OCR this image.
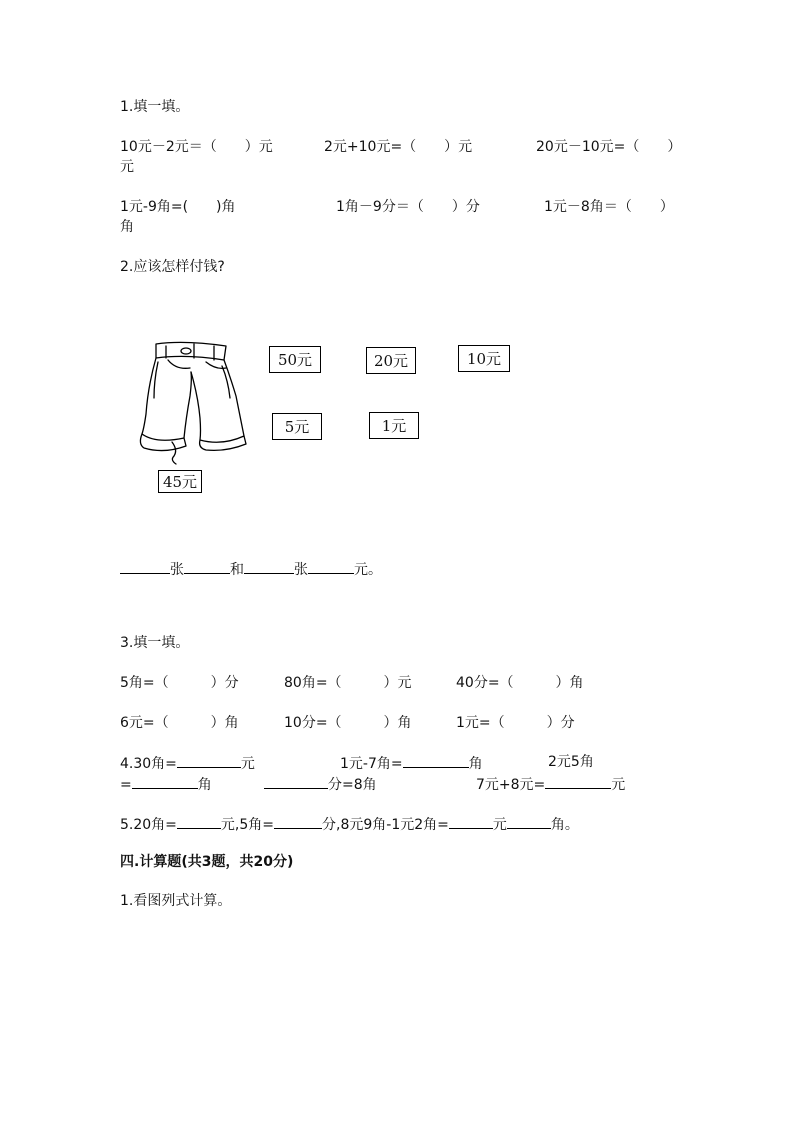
1.填一填。
10元－2元＝（　　）元	2元+10元=（　　）元	20元－10元=（　　）
元
1元-9角=(　　)角	1角－9分＝（　　）分	1元－8角＝（　　）
角
2.应该怎样付钱?
45元
50元	20元	10元
5元	1元
张	和	张	元。
3.填一填。
5角=（　　　）分	80角=（　　　）元	40分=（　　　）角
6元=（　　　）角	10分=（　　　）角	1元=（　　　）分
4.30角=	元	1元-7角=	角	2元5角
=	角	分=8角	7元+8元=	元
5.20角=	元,5角=	分,8元9角-1元2角=	元	角。
四.计算题(共3题，共20分)
1.看图列式计算。
